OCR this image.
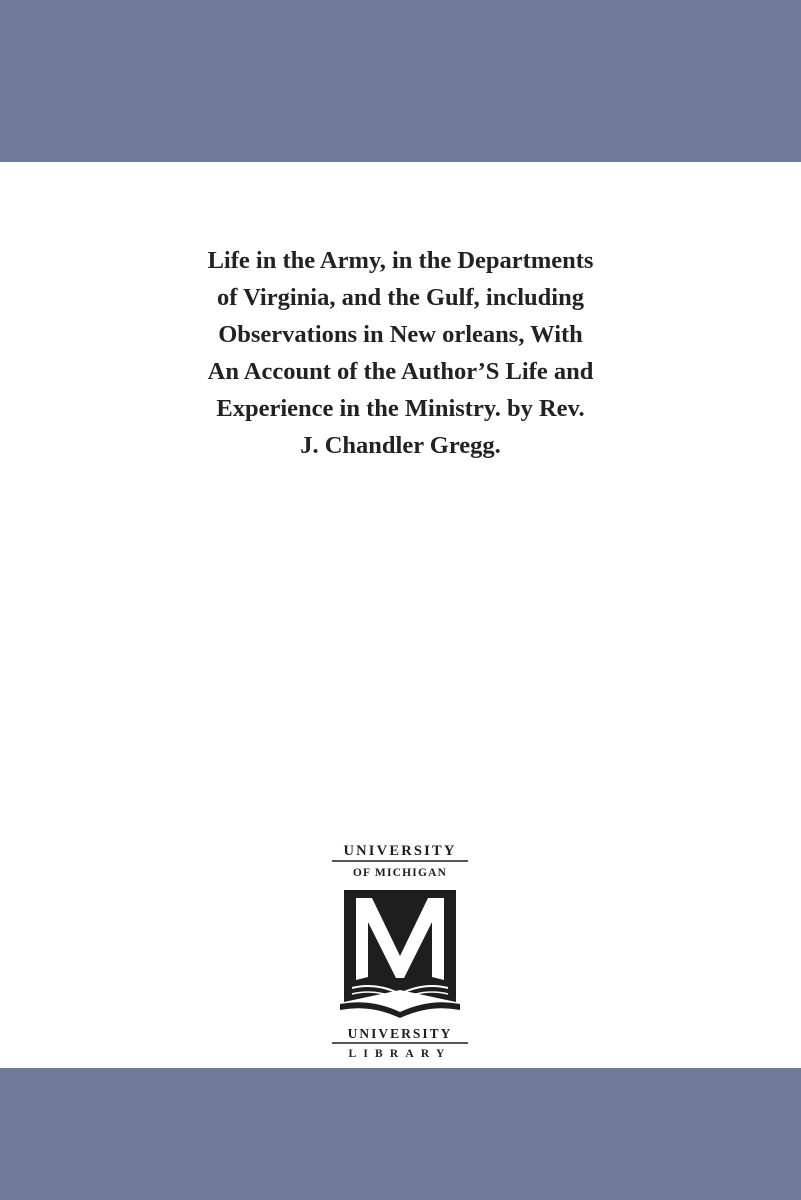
Life in the Army, in the Departments
of Virginia, and the Gulf, including
Observations in New orleans, With
An Account of the Author’S Life and
Experience in the Ministry. by Rev.
J. Chandler Gregg.
UNIVERSITY
OF MICHIGAN
UNIVERSITY
LIBRARY
